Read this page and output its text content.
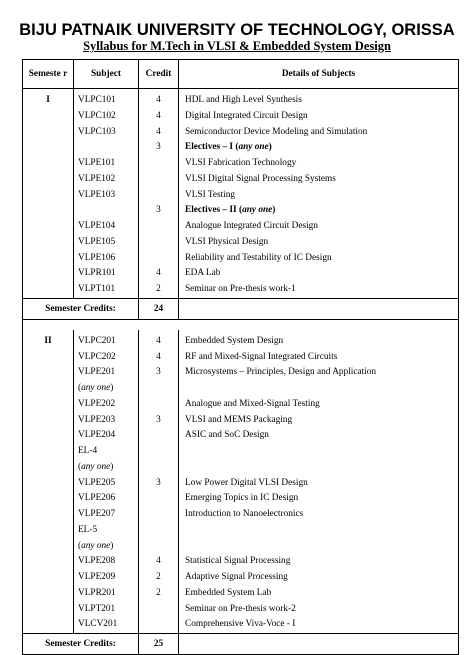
BIJU PATNAIK UNIVERSITY OF TECHNOLOGY, ORISSA
Syllabus for M.Tech in VLSI & Embedded System Design
Semeste r	Subject	Credit	Details of Subjects

I	VLPC101	4	HDL and High Level Synthesis
	VLPC102	4	Digital Integrated Circuit Design
	VLPC103	4	Semiconductor Device Modeling and Simulation
		3	Electives – I (any one)
	VLPE101		VLSI Fabrication Technology
	VLPE102		VLSI Digital Signal Processing Systems
	VLPE103		VLSI Testing
		3	Electives – II (any one)
	VLPE104		Analogue Integrated Circuit Design
	VLPE105		VLSI Physical Design
	VLPE106		Reliability and Testability of IC Design
	VLPR101	4	EDA Lab
	VLPT101	2	Seminar on Pre-thesis work-1
Semester Credits:		24	

II	VLPC201	4	Embedded System Design
	VLPC202	4	RF and Mixed-Signal Integrated Circuits
	VLPE201	3	Microsystems – Principles, Design and Application
	(any one)		
	VLPE202		Analogue and Mixed-Signal Testing
	VLPE203	3	VLSI and MEMS Packaging
	VLPE204		ASIC and SoC Design
	EL-4		
	(any one)		
	VLPE205	3	Low Power Digital VLSI Design
	VLPE206		Emerging Topics in IC Design
	VLPE207		Introduction to Nanoelectronics
	EL-5		
	(any one)		
	VLPE208	4	Statistical Signal Processing
	VLPE209	2	Adaptive Signal Processing
	VLPR201	2	Embedded System Lab
	VLPT201		Seminar on Pre-thesis work-2
	VLCV201		Comprehensive Viva-Voce - I
Semester Credits:		25	
